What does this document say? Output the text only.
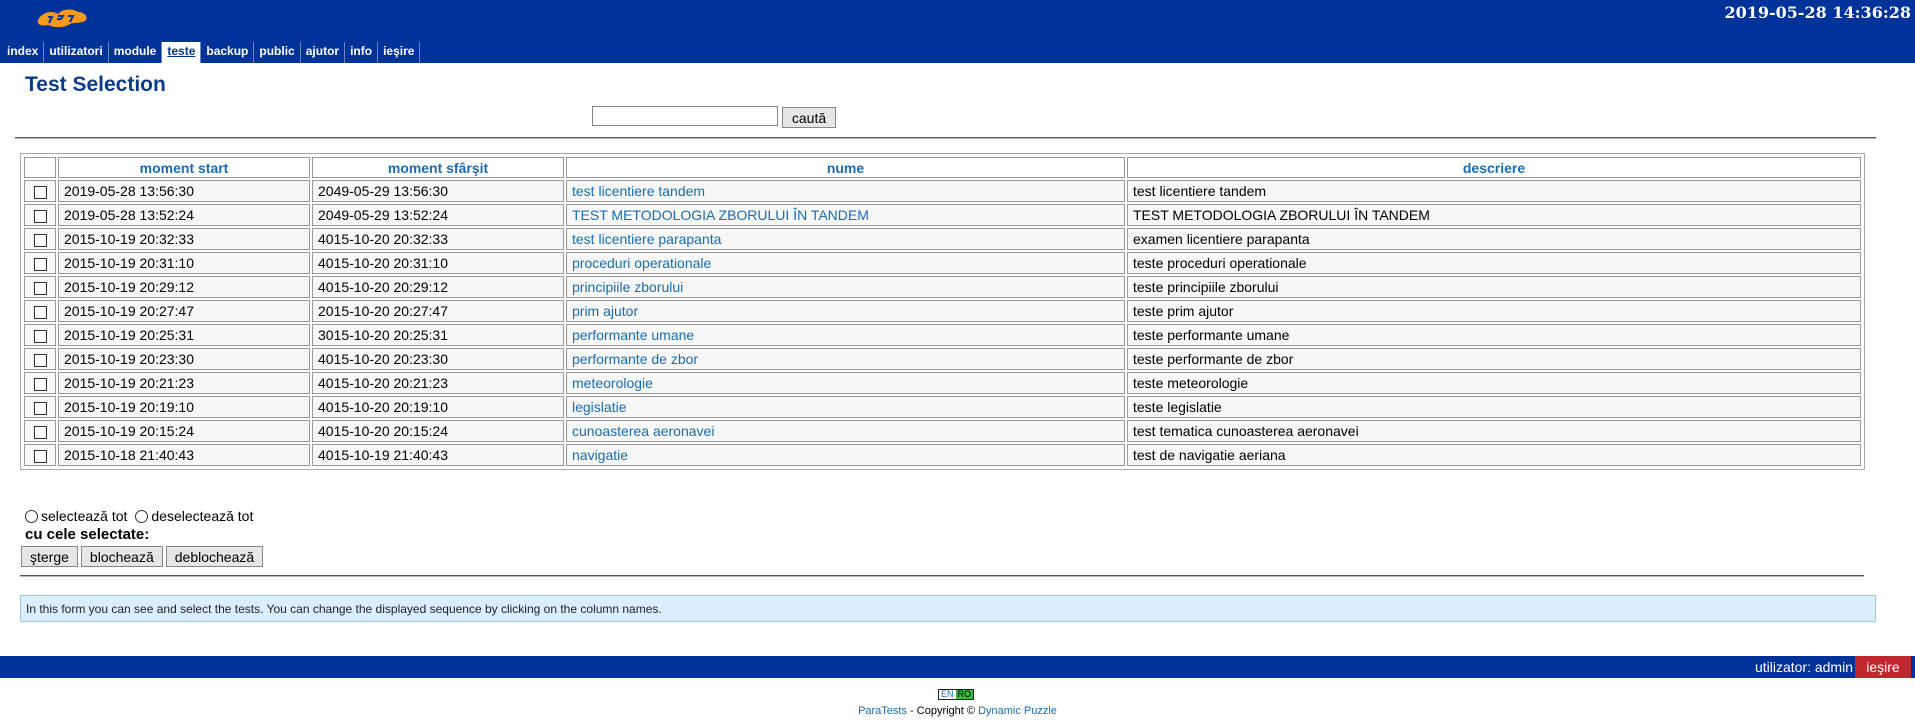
2019-05-28 14:36:28
index utilizatori module teste backup public ajutor info ieşire
Test Selection
caută
	moment start	moment sfârşit	nume	descriere
	2019-05-28 13:56:30	2049-05-29 13:56:30	test licentiere tandem	test licentiere tandem
	2019-05-28 13:52:24	2049-05-29 13:52:24	TEST METODOLOGIA ZBORULUI ÎN TANDEM	TEST METODOLOGIA ZBORULUI ÎN TANDEM
	2015-10-19 20:32:33	4015-10-20 20:32:33	test licentiere parapanta	examen licentiere parapanta
	2015-10-19 20:31:10	4015-10-20 20:31:10	proceduri operationale	teste proceduri operationale
	2015-10-19 20:29:12	4015-10-20 20:29:12	principiile zborului	teste principiile zborului
	2015-10-19 20:27:47	2015-10-20 20:27:47	prim ajutor	teste prim ajutor
	2015-10-19 20:25:31	3015-10-20 20:25:31	performante umane	teste performante umane
	2015-10-19 20:23:30	4015-10-20 20:23:30	performante de zbor	teste performante de zbor
	2015-10-19 20:21:23	4015-10-20 20:21:23	meteorologie	teste meteorologie
	2015-10-19 20:19:10	4015-10-20 20:19:10	legislatie	teste legislatie
	2015-10-19 20:15:24	4015-10-20 20:15:24	cunoasterea aeronavei	test tematica cunoasterea aeronavei
	2015-10-18 21:40:43	4015-10-19 21:40:43	navigatie	test de navigatie aeriana
selectează tot deselectează tot
cu cele selectate:
şterge	blochează	deblochează
In this form you can see and select the tests. You can change the displayed sequence by clicking on the column names.
utilizator: admin ieşire
EN RO
ParaTests - Copyright © Dynamic Puzzle
